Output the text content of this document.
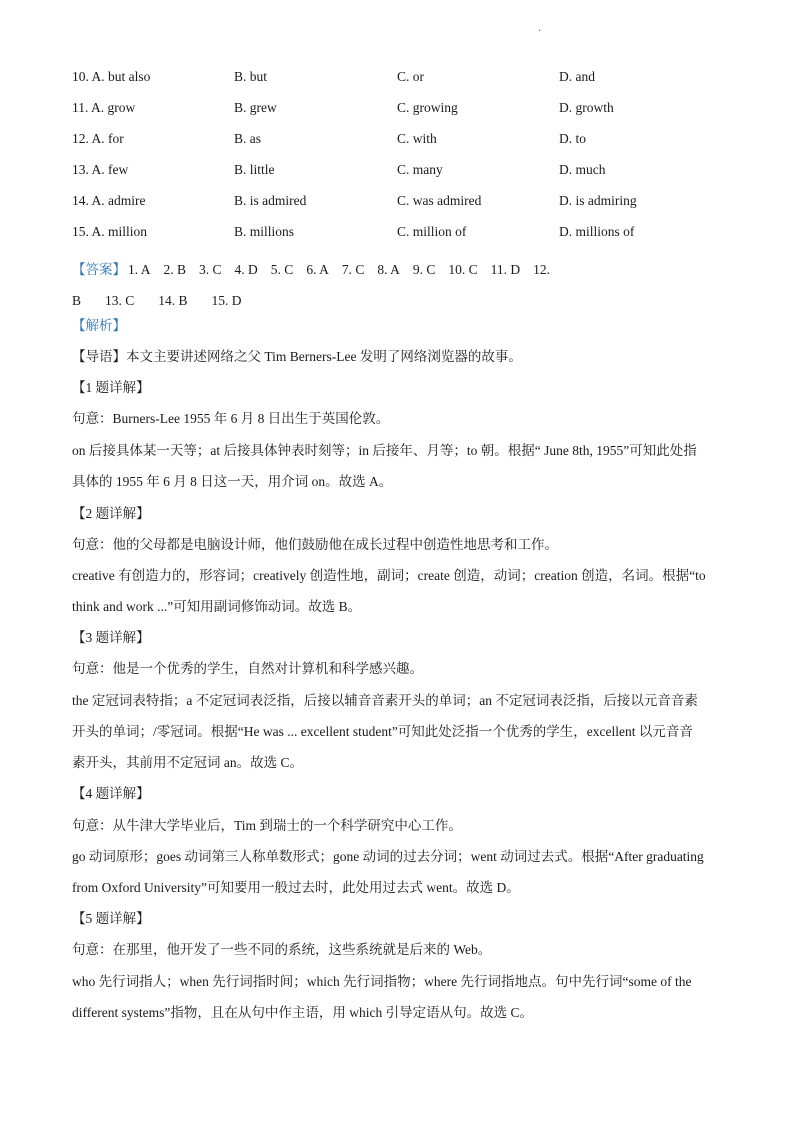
·
10. A. but also	B. but	C. or	D. and
11. A. grow	B. grew	C. growing	D. growth
12. A. for	B. as	C. with	D. to
13. A. few	B. little	C. many	D. much
14. A. admire	B. is admired	C. was admired	D. is admiring
15. A. million	B. millions	C. million of	D. millions of
【答案】 1. A 2. B 3. C 4. D 5. C 6. A 7. C 8. A 9. C 10. C 11. D 12.
B 13. C 14. B 15. D
【解析】
【导语】本文主要讲述网络之父 Tim Berners-Lee 发明了网络浏览器的故事。
【1 题详解】
句意：Burners-Lee 1955 年 6 月 8 日出生于英国伦敦。
on 后接具体某一天等；at 后接具体钟表时刻等；in 后接年、月等；to 朝。根据“ June 8th, 1955”可知此处指
具体的 1955 年 6 月 8 日这一天，用介词 on。故选 A。
【2 题详解】
句意：他的父母都是电脑设计师，他们鼓励他在成长过程中创造性地思考和工作。
creative 有创造力的，形容词；creatively 创造性地，副词；create 创造，动词；creation 创造，名词。根据“to
think and work ...”可知用副词修饰动词。故选 B。
【3 题详解】
句意：他是一个优秀的学生，自然对计算机和科学感兴趣。
the 定冠词表特指；a 不定冠词表泛指，后接以辅音音素开头的单词；an 不定冠词表泛指，后接以元音音素
开头的单词；/零冠词。根据“He was ... excellent student”可知此处泛指一个优秀的学生，excellent 以元音音
素开头，其前用不定冠词 an。故选 C。
【4 题详解】
句意：从牛津大学毕业后，Tim 到瑞士的一个科学研究中心工作。
go 动词原形；goes 动词第三人称单数形式；gone 动词的过去分词；went 动词过去式。根据“After graduating
from Oxford University”可知要用一般过去时，此处用过去式 went。故选 D。
【5 题详解】
句意：在那里，他开发了一些不同的系统，这些系统就是后来的 Web。
who 先行词指人；when 先行词指时间；which 先行词指物；where 先行词指地点。句中先行词“some of the
different systems”指物，且在从句中作主语，用 which 引导定语从句。故选 C。
